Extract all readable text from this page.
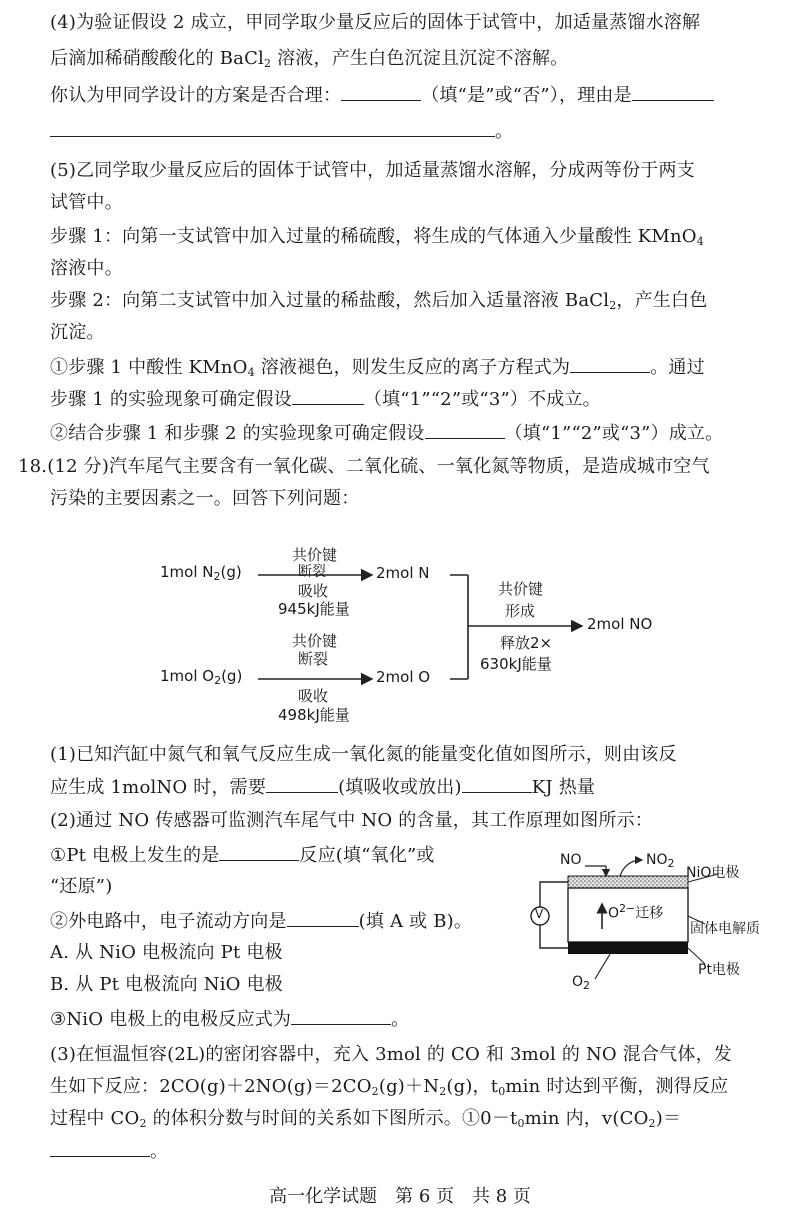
(4)为验证假设 2 成立，甲同学取少量反应后的固体于试管中，加适量蒸馏水溶解
后滴加稀硝酸酸化的 BaCl$_2$ 溶液，产生白色沉淀且沉淀不溶解。
你认为甲同学设计的方案是否合理：	（填“是”或“否”），理由是
。
(5)乙同学取少量反应后的固体于试管中，加适量蒸馏水溶解，分成两等份于两支
试管中。
步骤 1：向第一支试管中加入过量的稀硫酸，将生成的气体通入少量酸性 KMnO$_4$
溶液中。
步骤 2：向第二支试管中加入过量的稀盐酸，然后加入适量溶液 BaCl$_2$，产生白色
沉淀。
①步骤 1 中酸性 KMnO$_4$ 溶液褪色，则发生反应的离子方程式为	。通过
步骤 1 的实验现象可确定假设	（填“1”“2”或“3”）不成立。
②结合步骤 1 和步骤 2 的实验现象可确定假设	（填“1”“2”或“3”）成立。
18.(12 分)汽车尾气主要含有一氧化碳、二氧化硫、一氧化氮等物质，是造成城市空气
污染的主要因素之一。回答下列问题：
1mol $N_2(g)$
共价键
断裂
吸收
945kJ能量
2mol N
1mol $O_2(g)$
共价键
断裂
吸收
498kJ能量
2mol O
共价键
形成
释放2×
630kJ能量
2mol NO
(1)已知汽缸中氮气和氧气反应生成一氧化氮的能量变化值如图所示，则由该反
应生成 1molNO 时，需要	(填吸收或放出)	KJ 热量
(2)通过 NO 传感器可监测汽车尾气中 NO 的含量，其工作原理如图所示：
①Pt 电极上发生的是	反应(填“氧化”或
“还原”)
②外电路中，电子流动方向是	(填 A 或 B)。
A. 从 NiO 电极流向 Pt 电极
B. 从 Pt 电极流向 NiO 电极
③NiO 电极上的电极反应式为	。
NO	$NO_2$
NiO电极
V	$O^{2-}$迁移
固体电解质
Pt电极
$O_2$
(3)在恒温恒容(2L)的密闭容器中，充入 3mol 的 CO 和 3mol 的 NO 混合气体，发
生如下反应：$2CO(g)+2NO(g)=2CO_2(g)+N_2(g)$，$t_0\min$ 时达到平衡，测得反应
过程中 $CO_2$ 的体积分数与时间的关系如下图所示。$①0-t_0\min$ 内，$v(CO_2)=$
。
高一化学试题　第 6 页　共 8 页
